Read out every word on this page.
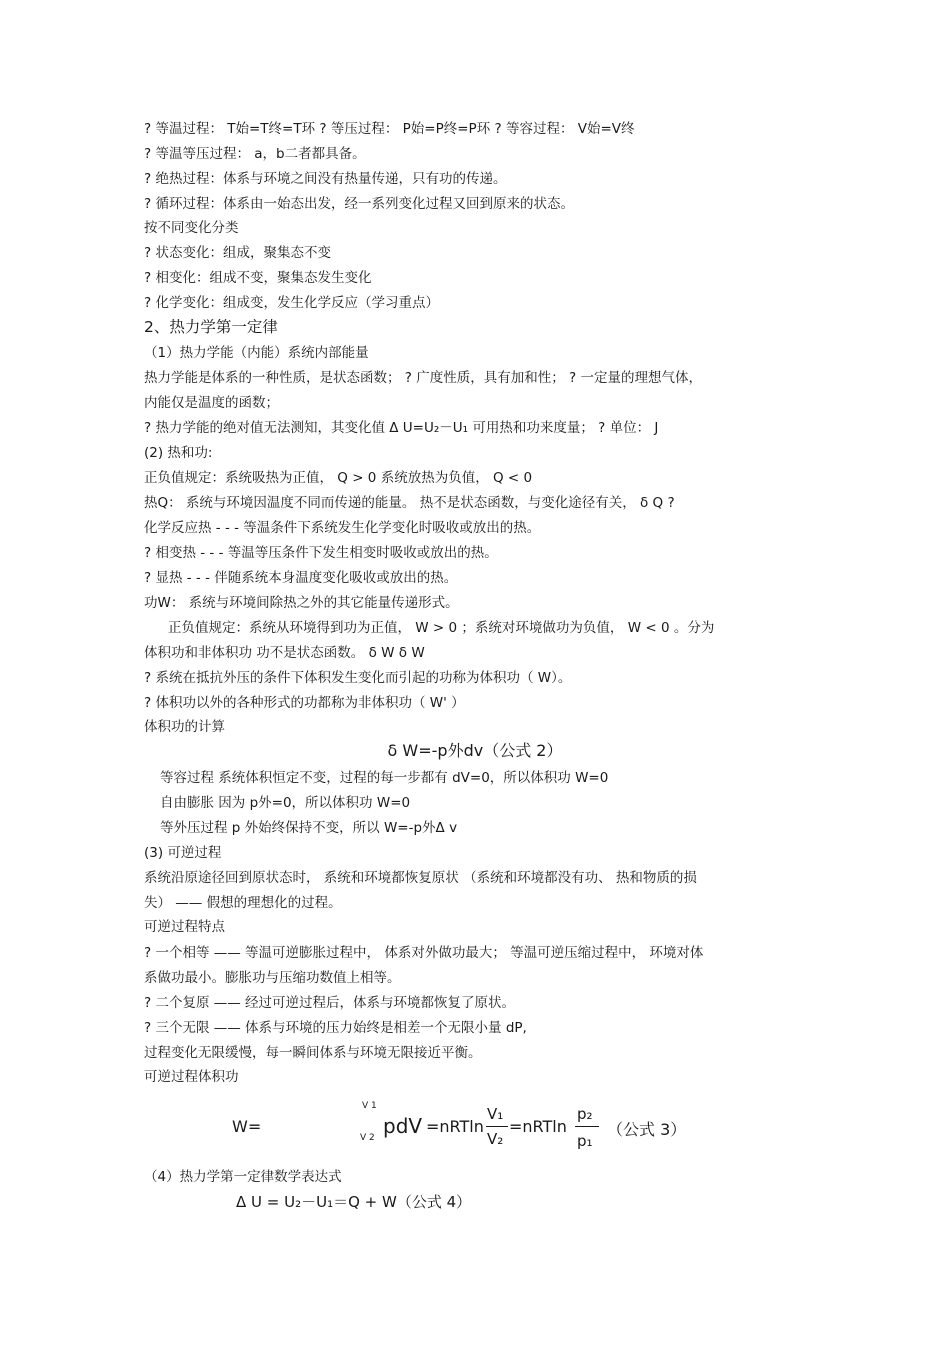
? 等温过程： T始=T终=T环 ? 等压过程： P始=P终=P环 ? 等容过程： V始=V终
? 等温等压过程： a，b二者都具备。
? 绝热过程：体系与环境之间没有热量传递，只有功的传递。
? 循环过程：体系由一始态出发，经一系列变化过程又回到原来的状态。
按不同变化分类
? 状态变化：组成，聚集态不变
? 相变化：组成不变，聚集态发生变化
? 化学变化：组成变，发生化学反应（学习重点）
2、热力学第一定律
（1）热力学能（内能）系统内部能量
热力学能是体系的一种性质，是状态函数； ? 广度性质，具有加和性； ? 一定量的理想气体，
内能仅是温度的函数；
? 热力学能的绝对值无法测知，其变化值 Δ U=U₂－U₁ 可用热和功来度量； ? 单位： J
(2) 热和功:
正负值规定：系统吸热为正值， Q > 0 系统放热为负值， Q < 0
热Q： 系统与环境因温度不同而传递的能量。 热不是状态函数，与变化途径有关， δ Q ?
化学反应热 - - - 等温条件下系统发生化学变化时吸收或放出的热。
? 相变热 - - - 等温等压条件下发生相变时吸收或放出的热。
? 显热 - - - 伴随系统本身温度变化吸收或放出的热。
功W： 系统与环境间除热之外的其它能量传递形式。
正负值规定：系统从环境得到功为正值， W > 0 ；系统对环境做功为负值， W < 0 。分为
体积功和非体积功 功不是状态函数。 δ W δ W
? 系统在抵抗外压的条件下体积发生变化而引起的功称为体积功（ W）。
? 体积功以外的各种形式的功都称为非体积功（ W' ）
体积功的计算
δ W=-p外dv（公式 2）
等容过程 系统体积恒定不变，过程的每一步都有 dV=0，所以体积功 W=0
自由膨胀 因为 p外=0，所以体积功 W=0
等外压过程 p 外始终保持不变，所以 W=-p外Δ v
(3) 可逆过程
系统沿原途径回到原状态时， 系统和环境都恢复原状 （系统和环境都没有功、 热和物质的损
失） —— 假想的理想化的过程。
可逆过程特点
? 一个相等 —— 等温可逆膨胀过程中， 体系对外做功最大； 等温可逆压缩过程中， 环境对体
系做功最小。膨胀功与压缩功数值上相等。
? 二个复原 —— 经过可逆过程后，体系与环境都恢复了原状。
? 三个无限 —— 体系与环境的压力始终是相差一个无限小量 dP,
过程变化无限缓慢，每一瞬间体系与环境无限接近平衡。
可逆过程体积功
W=
V 1
V 2 pdV =nRTln
V₁
V₂
=nRTln
p₂
p₁
（公式 3）
（4）热力学第一定律数学表达式
Δ U = U₂－U₁＝Q + W（公式 4）
